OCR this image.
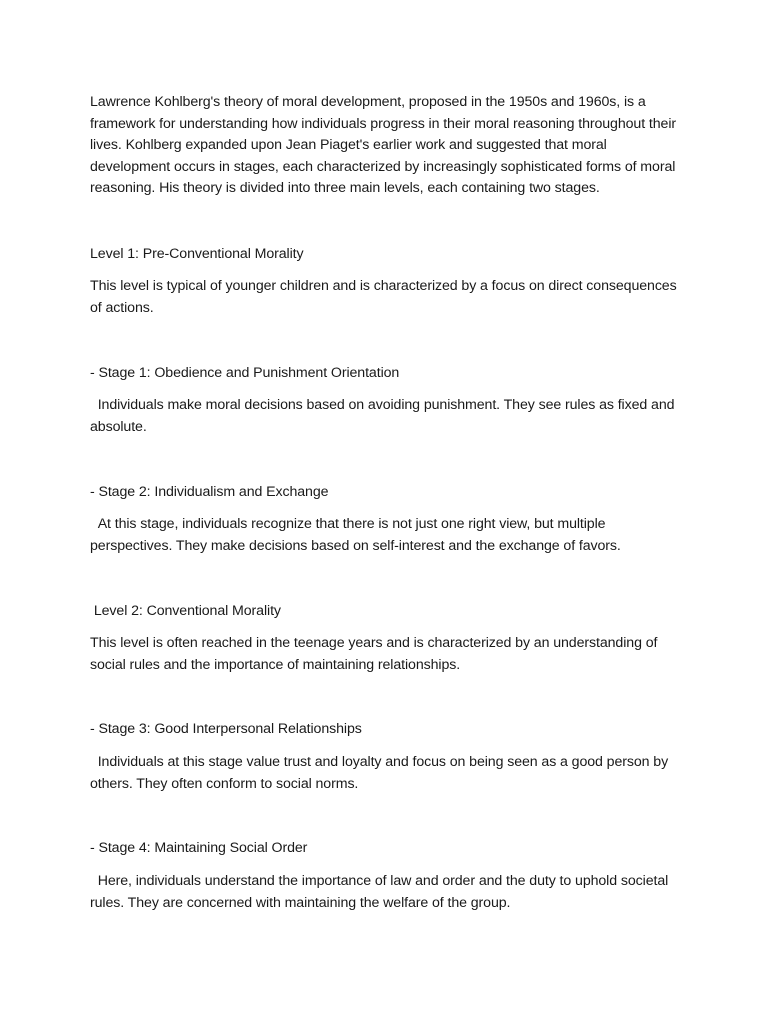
Lawrence Kohlberg's theory of moral development, proposed in the 1950s and 1960s, is a framework for understanding how individuals progress in their moral reasoning throughout their lives. Kohlberg expanded upon Jean Piaget's earlier work and suggested that moral development occurs in stages, each characterized by increasingly sophisticated forms of moral reasoning. His theory is divided into three main levels, each containing two stages.

Level 1: Pre-Conventional Morality

This level is typical of younger children and is characterized by a focus on direct consequences of actions.

- Stage 1: Obedience and Punishment Orientation

Individuals make moral decisions based on avoiding punishment. They see rules as fixed and absolute.

- Stage 2: Individualism and Exchange

At this stage, individuals recognize that there is not just one right view, but multiple perspectives. They make decisions based on self-interest and the exchange of favors.

Level 2: Conventional Morality

This level is often reached in the teenage years and is characterized by an understanding of social rules and the importance of maintaining relationships.

- Stage 3: Good Interpersonal Relationships

Individuals at this stage value trust and loyalty and focus on being seen as a good person by others. They often conform to social norms.

- Stage 4: Maintaining Social Order

Here, individuals understand the importance of law and order and the duty to uphold societal rules. They are concerned with maintaining the welfare of the group.
